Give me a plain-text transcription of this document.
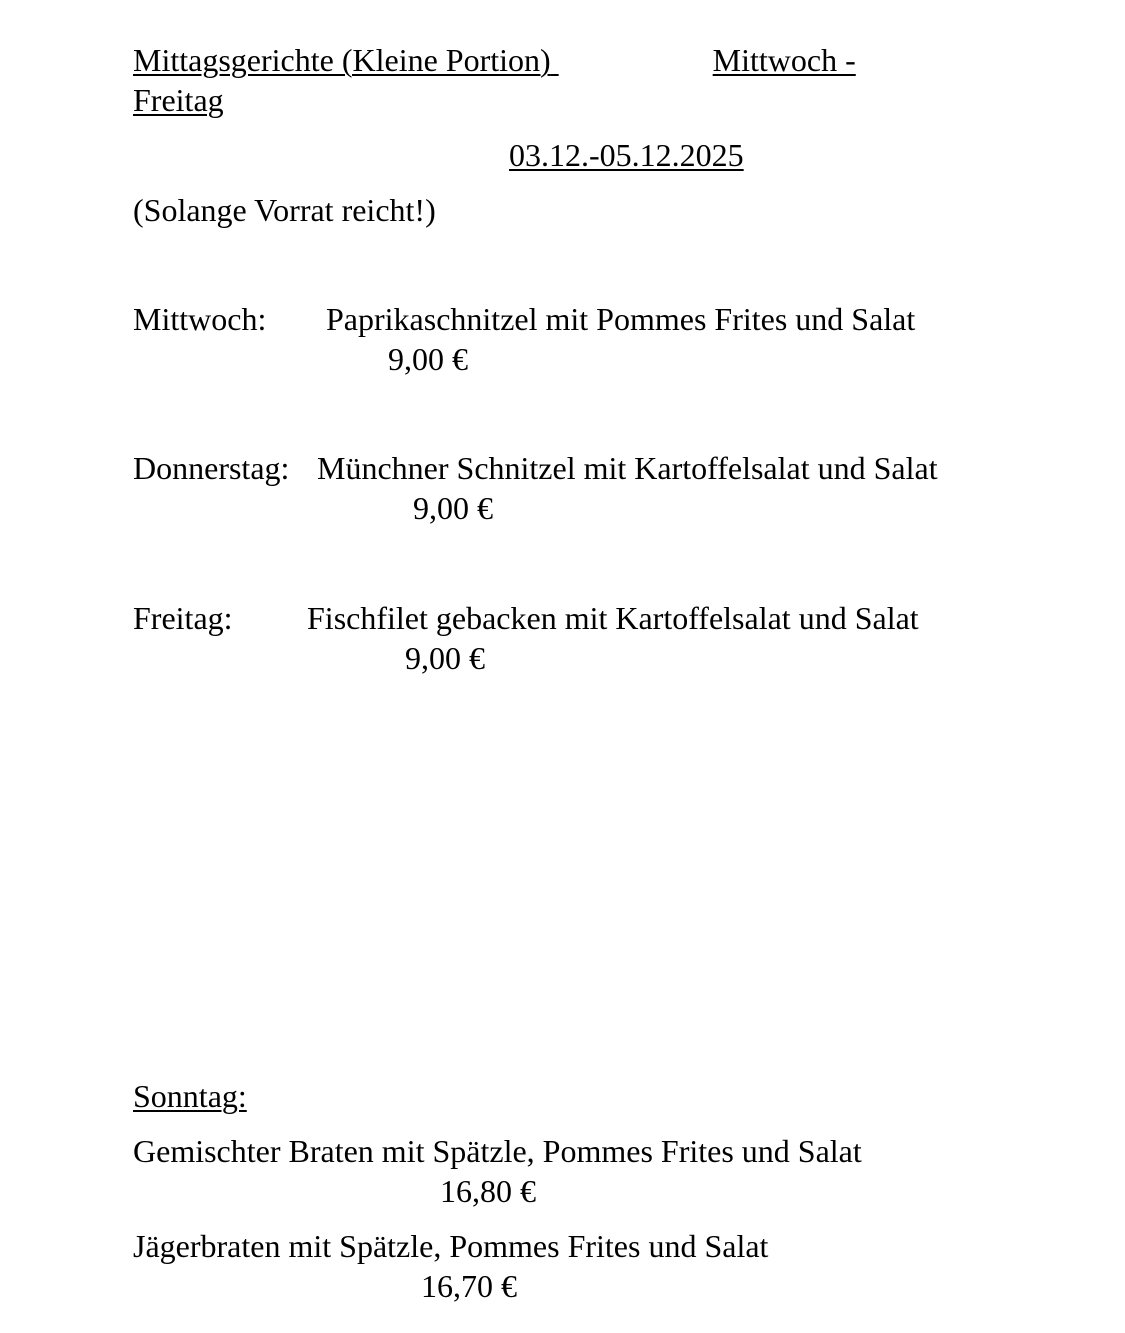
Mittagsgerichte (Kleine Portion)	Mittwoch -
Freitag
03.12.-05.12.2025
(Solange Vorrat reicht!)
Mittwoch: Paprikaschnitzel mit Pommes Frites und Salat
9,00 €
Donnerstag: Münchner Schnitzel mit Kartoffelsalat und Salat
9,00 €
Freitag: Fischfilet gebacken mit Kartoffelsalat und Salat
9,00 €
Sonntag:
Gemischter Braten mit Spätzle, Pommes Frites und Salat
16,80 €
Jägerbraten mit Spätzle, Pommes Frites und Salat
16,70 €
